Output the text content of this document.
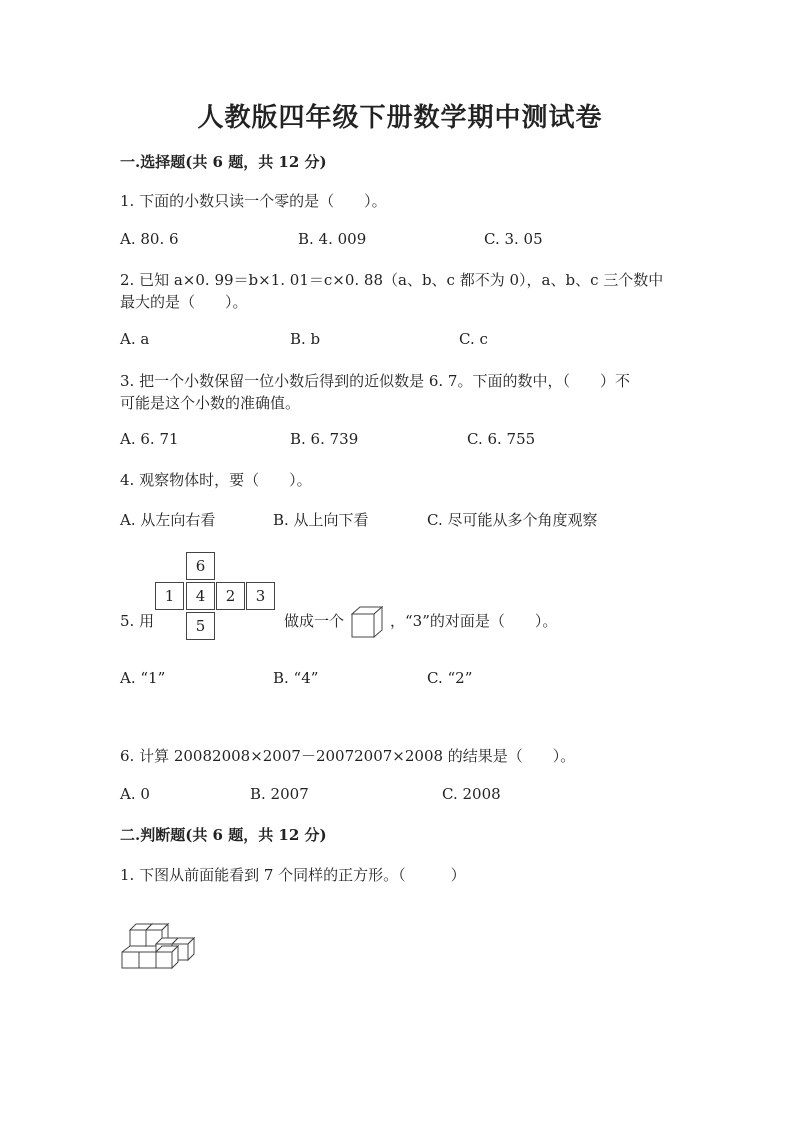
人教版四年级下册数学期中测试卷
一.选择题(共 6 题，共 12 分)
1. 下面的小数只读一个零的是（　　）。
A. 80. 6	B. 4. 009	C. 3. 05
2. 已知 a×0. 99＝b×1. 01＝c×0. 88（a、b、c 都不为 0），a、b、c 三个数中
最大的是（　　）。
A. a	B. b	C. c
3. 把一个小数保留一位小数后得到的近似数是 6. 7。下面的数中，（　　）不
可能是这个小数的准确值。
A. 6. 71	B. 6. 739	C. 6. 755
4. 观察物体时，要（　　）。
A. 从左向右看	B. 从上向下看	C. 尽可能从多个角度观察
5. 用
6
1	4	2	3
5	做成一个	，“3”的对面是（　　）。
A. “1”	B. “4”	C. “2”
6. 计算 20082008×2007－20072007×2008 的结果是（　　）。
A. 0	B. 2007	C. 2008
二.判断题(共 6 题，共 12 分)
1. 下图从前面能看到 7 个同样的正方形。（　　　）
